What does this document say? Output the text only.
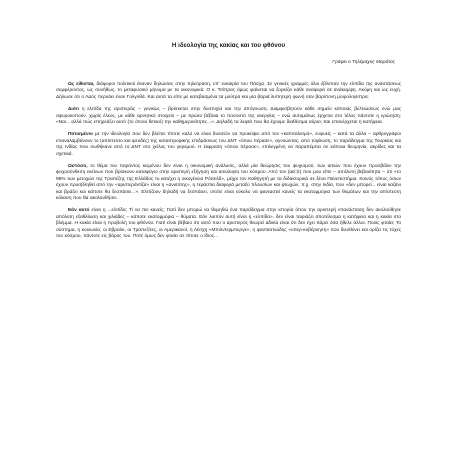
Η ιδεολογία της κακίας και του φθόνου
Γράφει ο Τηλέμαχος Μαράτος

Ως είθισται, διάφοροι πολιτικοί έκαναν δηλώσεις στην τηλεόραση, επ' ευκαιρία του Πάσχα. Σε γενικές γραμμές όλοι έβλεπαν την ελπίδα της αναστάσεως συμφέροντος, ως συνήθως, το μεταφυσικό μήνυμα με τα οικονομικά. Ο κ. Τσίπρας όμως φαίνεται να ξορκίζει κάθε αναφορά σε ανάκαμψη. Ακόμη και ως ευχή. Δήλωσε ότι ο Λαός περνάει έναν Γολγοθά. Και αυτά τα είπε με κατεβασμένα τα μούτρα και μία βαριά λυπητερή φωνή σαν βαρύτονη μοιρολογίστρα.

Διότι η ελπίδα της αριστεράς – γενικώς – βρίσκεται στην δυστυχία και την απόγνωση. Διαμφισβητούν κάθε σημείο κάποιας βελτιώσεως ενώ μας σφυροκοπούν, χωρίς έλεος, με κάθε αρνητικό στοιχείο – με πρώτο βέβαια το ποσοστό της ανεργίας – ενώ αυτομάτως έρχεται στο τέλος πάντοτε η ερώτηση: «Ναι... αλλά πώς επηρεάζει αυτό (το όποιο θετικό) την καθημερινότητα;...». Δηλαδή τα λεφτά που θα έχουμε διαθέσιμα αύριο; Και επανέρχεται η κατήφεια.

Ποτισμένοι με την ιδεολογία που δεν βλέπει τίποτε καλό να είναι δυνατόν να προκύψει από τον «καπιταλισμό», ευφυείς – κατά τα άλλα – αρθρογράφοι επαναλαμβάνουν το (απίστευτο και ψευδές) της καταστροφικής επιδράσεως του ΔΝΤ «όπου πέρασε», αγνοώντας, από τύφλωση, το παράδειγμα της Τουρκίας και της Ινδίας που σωθήκανε από το ΔΝΤ στο χείλος του γκρεμού. Η έκφραση «όπου πέρασε», επιλεγμένη να παραπέμπει σε κάποια θεομηνία, ακρίδες και τα σχετικά.

Ωστόσο, το θέμα του παρόντος κειμένου δεν είναι η οικονομική ανάλυσις, αλλά μία θεώρησις του ψυχισμού, των αιτιών που έχουν προσβάλει την ψυχοσύνθεση εκείνων που βρίσκουν καταφύγιο στην αριστερή εξήγηση και αιτιολογία του κόσμου. Από τον (αεί;ίτ) που μου είπε – απόλυτη βεβαιότητα – ότι «το 98% των μετοχών της Τραπέζης της Ελλάδος το κατέχει η οικογένεια Ρότσιλδ», μέχρι τον Καθηγητή με τα διδακτορικά σε ξένα Πανεπιστήμια. Κοινός τόπος όσων έχουν προσβληθεί από την «αριστεράντίζα» είναι η «ανισότης», η τεράστια διαφορά μεταξύ πλουσίων και φτωχών, π.χ. στην Ινδία, που «δεν μπορεί... είναι καζάνι και βράζει και κάποτε θα ξεσπάσει...». Ελπίζουν δηλαδή να ξεσπάσει, οπότε είναι εύκολο να φανταστεί κανείς τα εκατομμύρια των θυμάτων και την απίστευτη κόλαση που θα ακολουθήσει.

Εάν αυτό είναι η ...ελπίδα; Τί να πει κανείς; Γιατί δεν μπορώ να θυμηθώ ένα παράδειγμα στην ιστορία όπου την αριστερή επανάσταση δεν ακολούθησε απόλυτη εξαθλίωση και χιλιάδες – κάποτε εκατομμύρια – θύματα. Εάν λοιπόν αυτή είναι η «ελπίδα», δεν είναι ταιριάζει αποτέλεσμα η κατήφεια και η κακία στο βλέμμα. Η κακία είναι η προβολή του φθόνου. Γιατί είναι βέβαιο ότι αυτό που ο αριστερός θεωρεί αδικία είναι ότι δεν έχει πάρει όσα ήθελε άλλοι. Ποιός φταίει; Το σύστημα, η κοινωνία, οι Εβραίοι, οι Τραπεζίτες, οι Αμερικανοί, η Λέσχη «Μπιλντερμπεργκ», η φανταστιώδης «υπερ-κυβέρνηση» που διευθύνει και ορίζει τις τύχες του κόσμου, πάντοτε εις βάρος του. Ποτέ όμως δεν φταίει σε τίποτε ο ίδιος...
